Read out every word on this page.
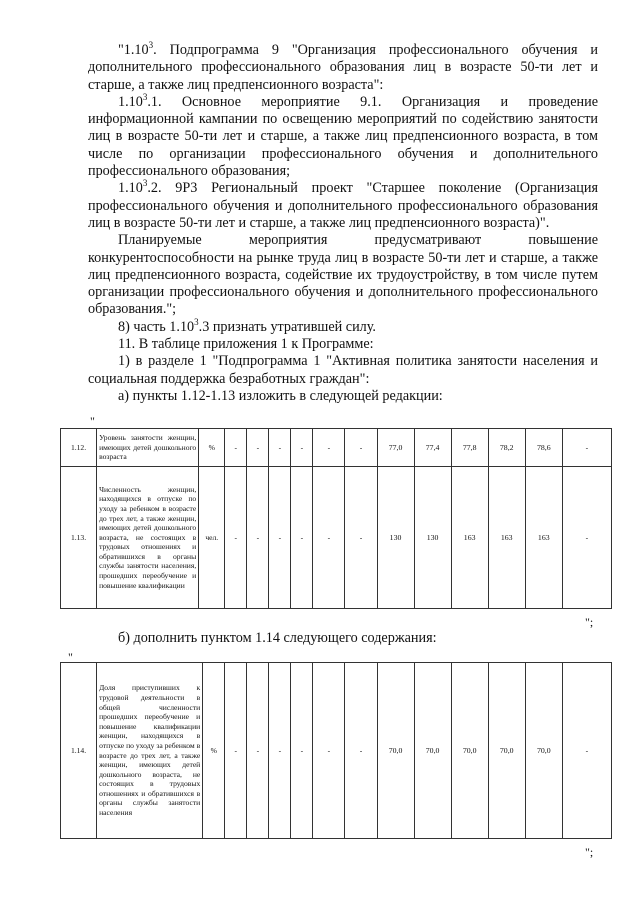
"1.10$^3$. Подпрограмма 9 "Организация профессионального обучения и дополнительного профессионального образования лиц в возрасте 50-ти лет и старше, а также лиц предпенсионного возраста":

1.10$^3$.1. Основное мероприятие 9.1. Организация и проведение информационной кампании по освещению мероприятий по содействию занятости лиц в возрасте 50-ти лет и старше, а также лиц предпенсионного возраста, в том числе по организации профессионального обучения и дополнительного профессионального образования;

1.10$^3$.2. 9Р3 Региональный проект "Старшее поколение (Организация профессионального обучения и дополнительного профессионального образования лиц в возрасте 50-ти лет и старше, а также лиц предпенсионного возраста)".

Планируемые мероприятия предусматривают повышение конкурентоспособности на рынке труда лиц в возрасте 50-ти лет и старше, а также лиц предпенсионного возраста, содействие их трудоустройству, в том числе путем организации профессионального обучения и дополнительного профессионального образования.";

8) часть 1.10$^3$.3 признать утратившей силу.

11. В таблице приложения 1 к Программе:

1) в разделе 1 "Подпрограмма 1 "Активная политика занятости населения и социальная поддержка безработных граждан":

а) пункты 1.12-1.13 изложить в следующей редакции:

"
1.12.	Уровень занятости женщин, имеющих детей дошкольного возраста	%	-	-	-	-	-	-	77,0	77,4	77,8	78,2	78,6	-
1.13.	Численность женщин, находящихся в отпуске по уходу за ребенком в возрасте до трех лет, а также женщин, имеющих детей дошкольного возраста, не состоящих в трудовых отношениях и обратившихся в органы службы занятости населения, прошедших переобучение и повышение квалификации	чел.	-	-	-	-	-	-	130	130	163	163	163	-
";

б) дополнить пунктом 1.14 следующего содержания:

"
1.14.	Доля приступивших к трудовой деятельности в общей численности прошедших переобучение и повышение квалификации женщин, находящихся в отпуске по уходу за ребенком в возрасте до трех лет, а также женщин, имеющих детей дошкольного возраста, не состоящих в трудовых отношениях и обратившихся в органы службы занятости населения	%	-	-	-	-	-	-	70,0	70,0	70,0	70,0	70,0	-
";
